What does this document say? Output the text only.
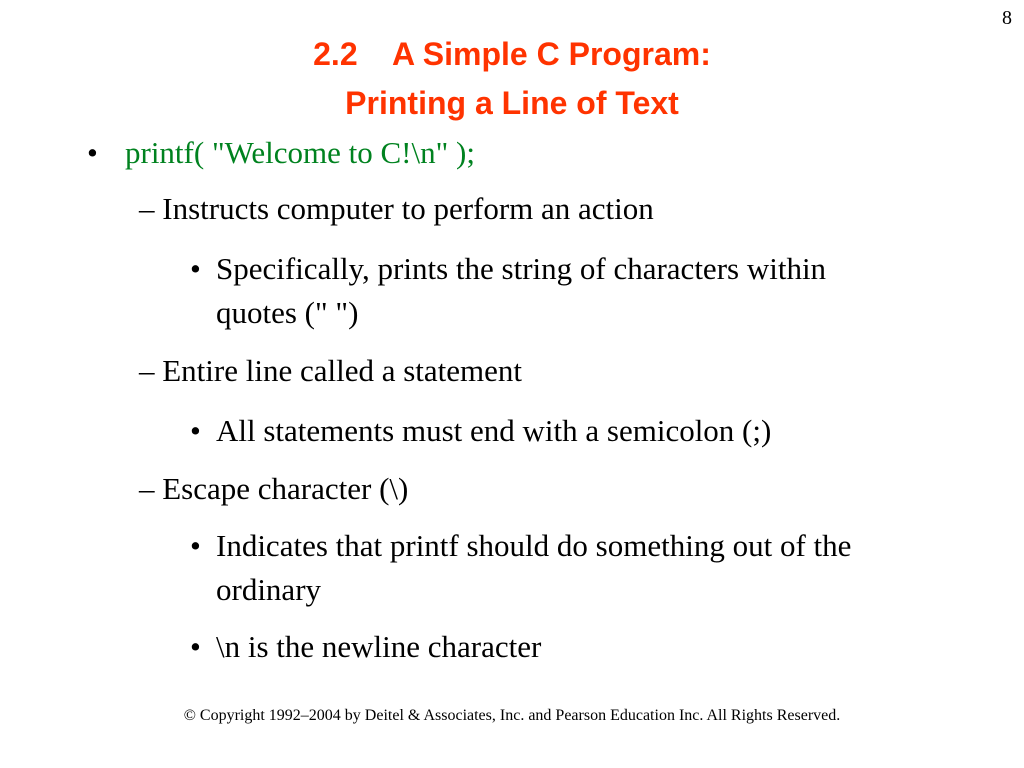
8
2.2 A Simple C Program:
Printing a Line of Text
• printf( "Welcome to C!\n" );
– Instructs computer to perform an action
• Specifically, prints the string of characters within quotes (" ")
– Entire line called a statement
• All statements must end with a semicolon (;)
– Escape character (\)
• Indicates that printf should do something out of the ordinary
• \n is the newline character
© Copyright 1992–2004 by Deitel & Associates, Inc. and Pearson Education Inc. All Rights Reserved.
